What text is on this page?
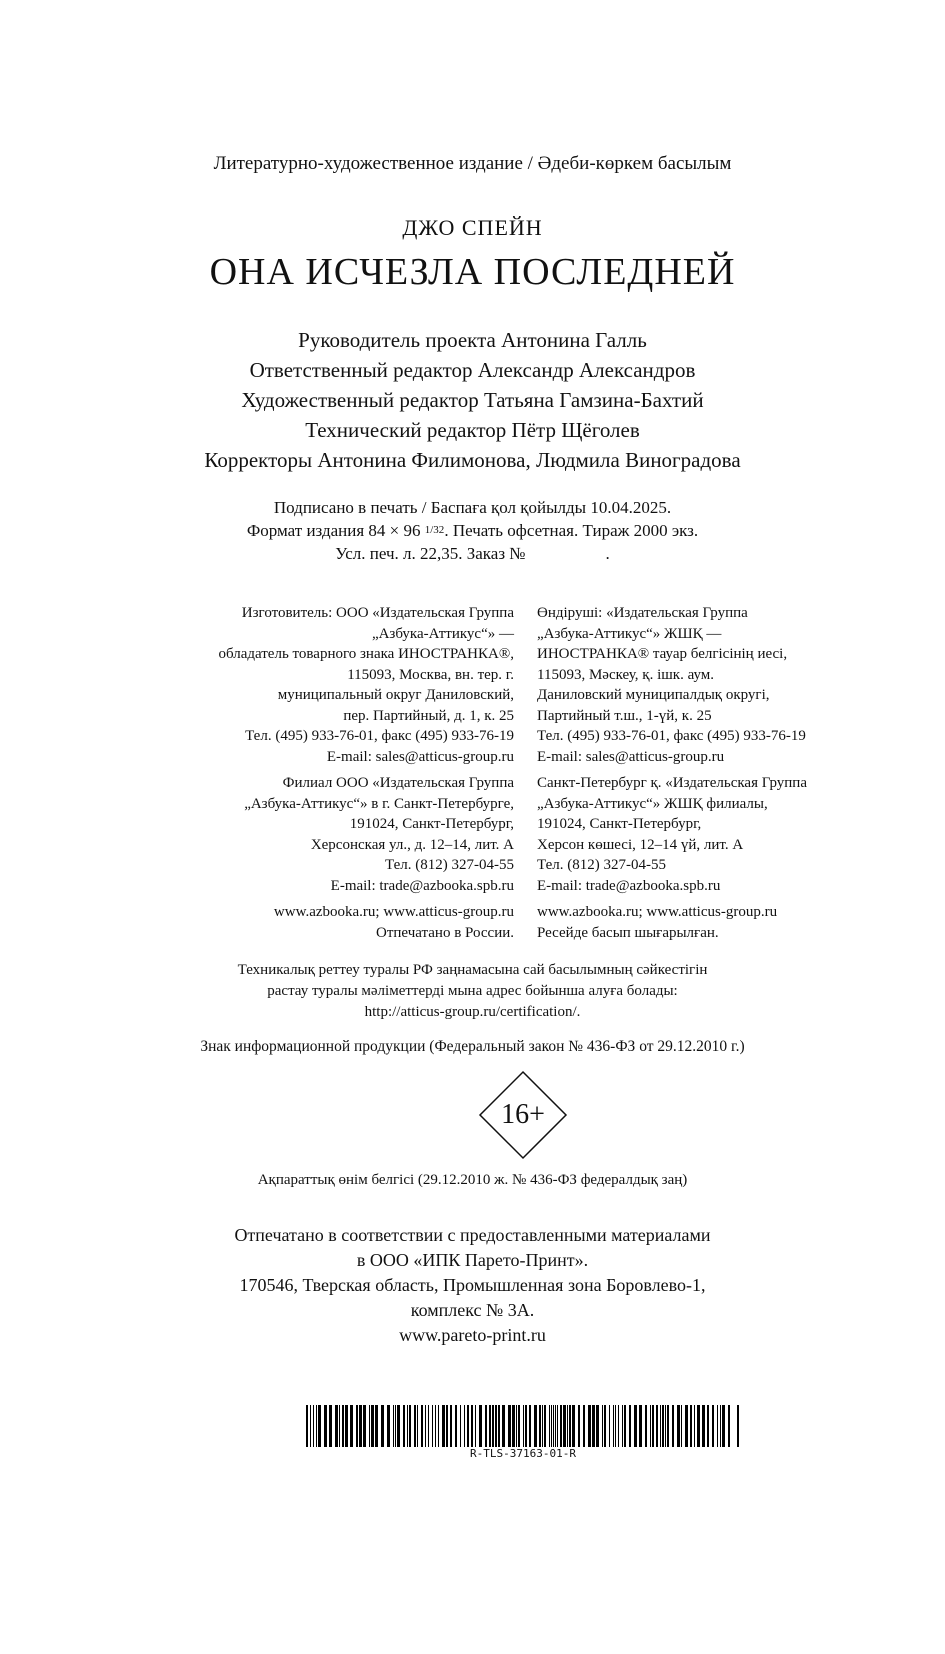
Литературно-художественное издание / Әдеби-көркем басылым
ДЖО СПЕЙН
ОНА ИСЧЕЗЛА ПОСЛЕДНЕЙ
Руководитель проекта Антонина Галль
Ответственный редактор Александр Александров
Художественный редактор Татьяна Гамзина-Бахтий
Технический редактор Пётр Щёголев
Корректоры Антонина Филимонова, Людмила Виноградова
Подписано в печать / Баспаға қол қойылды 10.04.2025.
Формат издания 84 × 96 1/32. Печать офсетная. Тираж 2000 экз.
Усл. печ. л. 22,35. Заказ №	.
Изготовитель: ООО «Издательская Группа
„Азбука-Аттикус“» —
обладатель товарного знака ИНОСТРАНКА®,
115093, Москва, вн. тер. г.
муниципальный округ Даниловский,
пер. Партийный, д. 1, к. 25
Тел. (495) 933-76-01, факс (495) 933-76-19
E-mail: sales@atticus-group.ru
Филиал ООО «Издательская Группа
„Азбука-Аттикус“» в г. Санкт-Петербурге,
191024, Санкт-Петербург,
Херсонская ул., д. 12–14, лит. А
Тел. (812) 327-04-55
E-mail: trade@azbooka.spb.ru
www.azbooka.ru; www.atticus-group.ru
Отпечатано в России.
Өндіруші: «Издательская Группа
„Азбука-Аттикус“» ЖШҚ —
ИНОСТРАНКА® тауар белгісінің иесі,
115093, Мәскеу, қ. ішк. аум.
Даниловский муниципалдық округі,
Партийный т.ш., 1-үй, к. 25
Тел. (495) 933-76-01, факс (495) 933-76-19
E-mail: sales@atticus-group.ru
Санкт-Петербург қ. «Издательская Группа
„Азбука-Аттикус“» ЖШҚ филиалы,
191024, Санкт-Петербург,
Херсон көшесі, 12–14 үй, лит. А
Тел. (812) 327-04-55
E-mail: trade@azbooka.spb.ru
www.azbooka.ru; www.atticus-group.ru
Ресейде басып шығарылған.
Техникалық реттеу туралы РФ заңнамасына сай басылымның сәйкестігін
растау туралы мәліметтерді мына адрес бойынша алуға болады:
http://atticus-group.ru/certification/.
Знак информационной продукции (Федеральный закон № 436-ФЗ от 29.12.2010 г.)
16+
Ақпараттық өнім белгісі (29.12.2010 ж. № 436-ФЗ федералдық заң)
Отпечатано в соответствии с предоставленными материалами
в ООО «ИПК Парето-Принт».
170546, Тверская область, Промышленная зона Боровлево-1,
комплекс № 3А.
www.pareto-print.ru
R-TLS-37163-01-R
